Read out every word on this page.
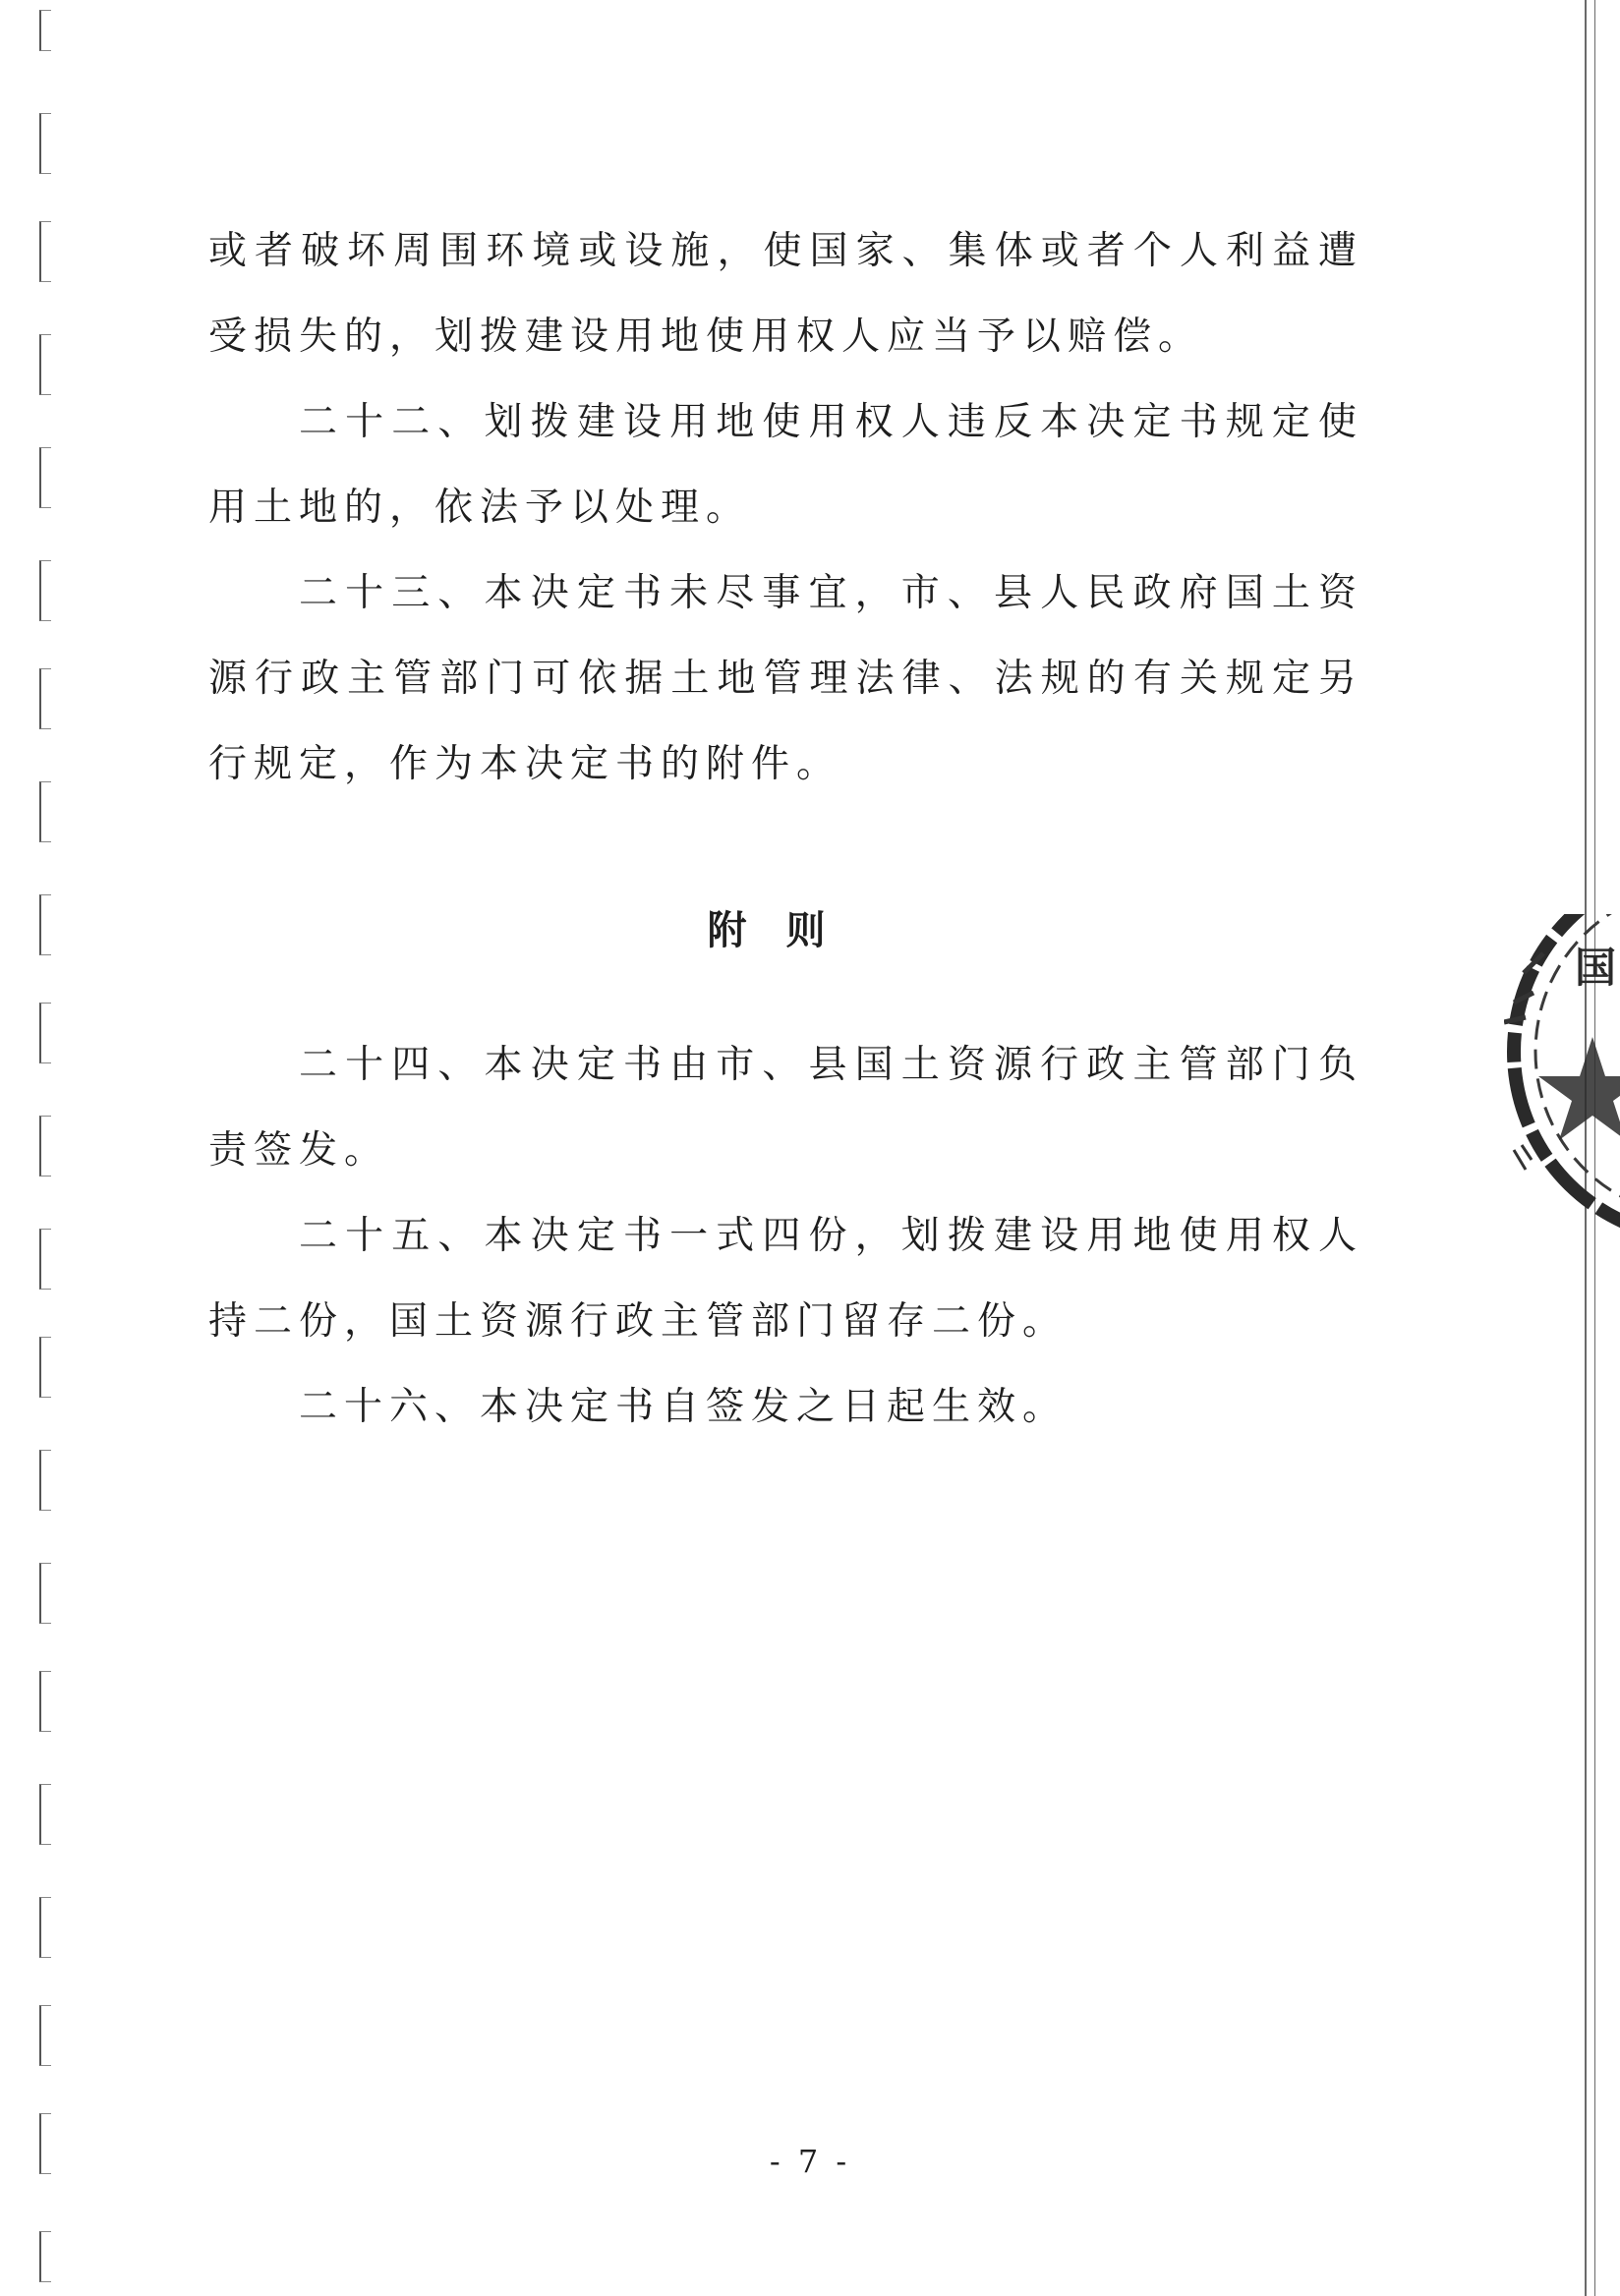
或者破坏周围环境或设施，使国家、集体或者个人利益遭受损失的，划拨建设用地使用权人应当予以赔偿。

二十二、划拨建设用地使用权人违反本决定书规定使用土地的，依法予以处理。

二十三、本决定书未尽事宜，市、县人民政府国土资源行政主管部门可依据土地管理法律、法规的有关规定另行规定，作为本决定书的附件。

附则

二十四、本决定书由市、县国土资源行政主管部门负责签发。

二十五、本决定书一式四份，划拨建设用地使用权人持二份，国土资源行政主管部门留存二份。

二十六、本决定书自签发之日起生效。

国
- 7 -
